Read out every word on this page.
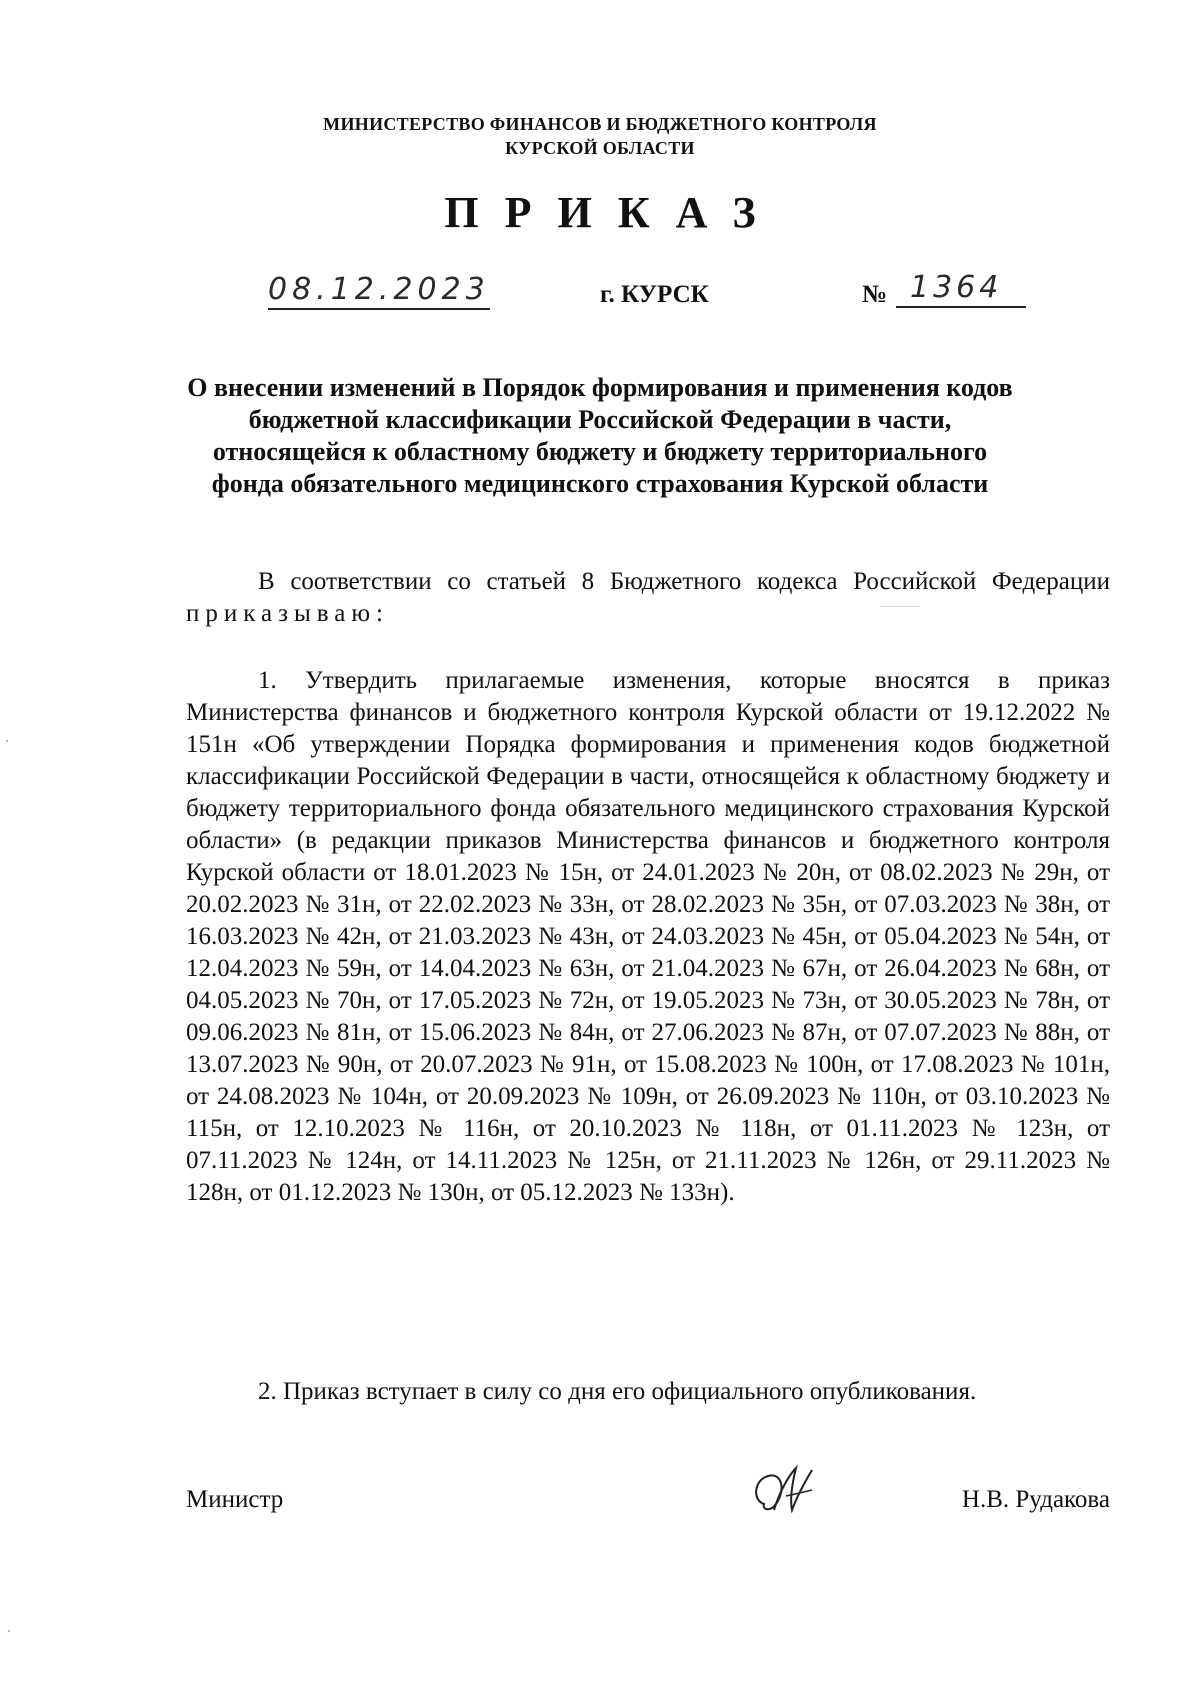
МИНИСТЕРСТВО ФИНАНСОВ И БЮДЖЕТНОГО КОНТРОЛЯ
КУРСКОЙ ОБЛАСТИ
ПРИКАЗ
08.12.2023	г. КУРСК	№ 1364
О внесении изменений в Порядок формирования и применения кодов
бюджетной классификации Российской Федерации в части,
относящейся к областному бюджету и бюджету территориального
фонда обязательного медицинского страхования Курской области
В соответствии со статьей 8 Бюджетного кодекса Российской Федерации приказываю:
1. Утвердить прилагаемые изменения, которые вносятся в приказ Министерства финансов и бюджетного контроля Курской области от 19.12.2022 № 151н «Об утверждении Порядка формирования и применения кодов бюджетной классификации Российской Федерации в части, относящейся к областному бюджету и бюджету территориального фонда обязательного медицинского страхования Курской области» (в редакции приказов Министерства финансов и бюджетного контроля Курской области от 18.01.2023 № 15н, от 24.01.2023 № 20н, от 08.02.2023 № 29н, от 20.02.2023 № 31н, от 22.02.2023 № 33н, от 28.02.2023 № 35н, от 07.03.2023 № 38н, от 16.03.2023 № 42н, от 21.03.2023 № 43н, от 24.03.2023 № 45н, от 05.04.2023 № 54н, от 12.04.2023 № 59н, от 14.04.2023 № 63н, от 21.04.2023 № 67н, от 26.04.2023 № 68н, от 04.05.2023 № 70н, от 17.05.2023 № 72н, от 19.05.2023 № 73н, от 30.05.2023 № 78н, от 09.06.2023 № 81н, от 15.06.2023 № 84н, от 27.06.2023 № 87н, от 07.07.2023 № 88н, от 13.07.2023 № 90н, от 20.07.2023 № 91н, от 15.08.2023 № 100н, от 17.08.2023 № 101н, от 24.08.2023 № 104н, от 20.09.2023 № 109н, от 26.09.2023 № 110н, от 03.10.2023 № 115н, от 12.10.2023 № 116н, от 20.10.2023 № 118н, от 01.11.2023 № 123н, от 07.11.2023 № 124н, от 14.11.2023 № 125н, от 21.11.2023 № 126н, от 29.11.2023 № 128н, от 01.12.2023 № 130н, от 05.12.2023 № 133н).
2. Приказ вступает в силу со дня его официального опубликования.
Министр	Н.В. Рудакова
